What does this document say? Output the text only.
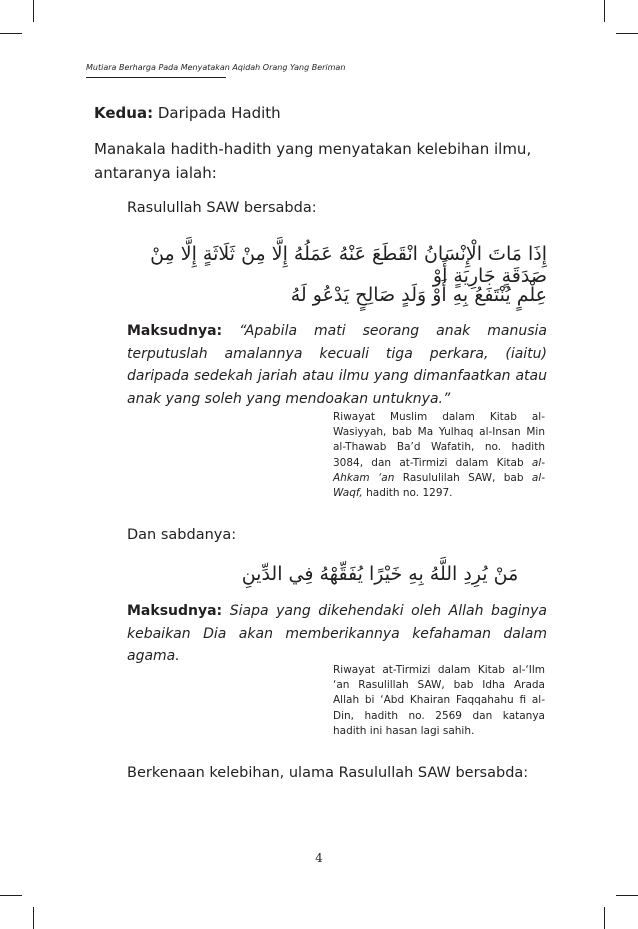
Mutiara Berharga Pada Menyatakan Aqidah Orang Yang Beriman
Kedua: Daripada Hadith
Manakala hadith-hadith yang menyatakan kelebihan ilmu, antaranya ialah:
Rasulullah SAW bersabda:
إِذَا مَاتَ الْإِنْسَانُ انْقَطَعَ عَنْهُ عَمَلُهُ إِلَّا مِنْ ثَلَاثَةٍ إِلَّا مِنْ صَدَقَةٍ جَارِيَةٍ أَوْ
عِلْمٍ يُنْتَفَعُ بِهِ أَوْ وَلَدٍ صَالِحٍ يَدْعُو لَهُ
Maksudnya: “Apabila mati seorang anak manusia terputuslah amalannya kecuali tiga perkara, (iaitu) daripada sedekah jariah atau ilmu yang dimanfaatkan atau anak yang soleh yang mendoakan untuknya.”
Riwayat Muslim dalam Kitab al-Wasiyyah, bab Ma Yulhaq al-Insan Min al-Thawab Ba’d Wafatih, no. hadith 3084, dan at-Tirmizi dalam Kitab al-Ahkam ‘an Rasululilah SAW, bab al-Waqf, hadith no. 1297.
Dan sabdanya:
مَنْ يُرِدِ اللَّهُ بِهِ خَيْرًا يُفَقِّهْهُ فِي الدِّينِ
Maksudnya: Siapa yang dikehendaki oleh Allah baginya kebaikan Dia akan memberikannya kefahaman dalam agama.
Riwayat at-Tirmizi dalam Kitab al-‘Ilm ‘an Rasulillah SAW, bab Idha Arada Allah bi ‘Abd Khairan Faqqahahu fi al-Din, hadith no. 2569 dan katanya hadith ini hasan lagi sahih.
Berkenaan kelebihan, ulama Rasulullah SAW bersabda:
4
